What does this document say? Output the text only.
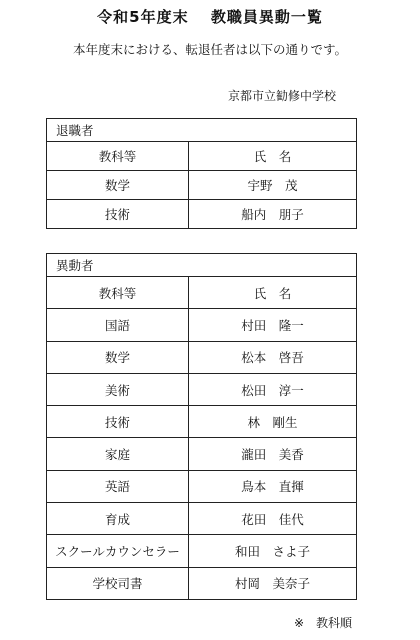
令和5年度末　 教職員異動一覧
本年度末における、転退任者は以下の通りです。
京都市立勧修中学校
退職者	
教科等	氏　名
数学	宇野　茂
技術	船内　朋子
異動者	
教科等	氏　名
国語	村田　隆一
数学	松本　啓吾
美術	松田　淳一
技術	林　剛生
家庭	瀧田　美香
英語	鳥本　直揮
育成	花田　佳代
スクールカウンセラー	和田　さよ子
学校司書	村岡　美奈子
※　教科順
